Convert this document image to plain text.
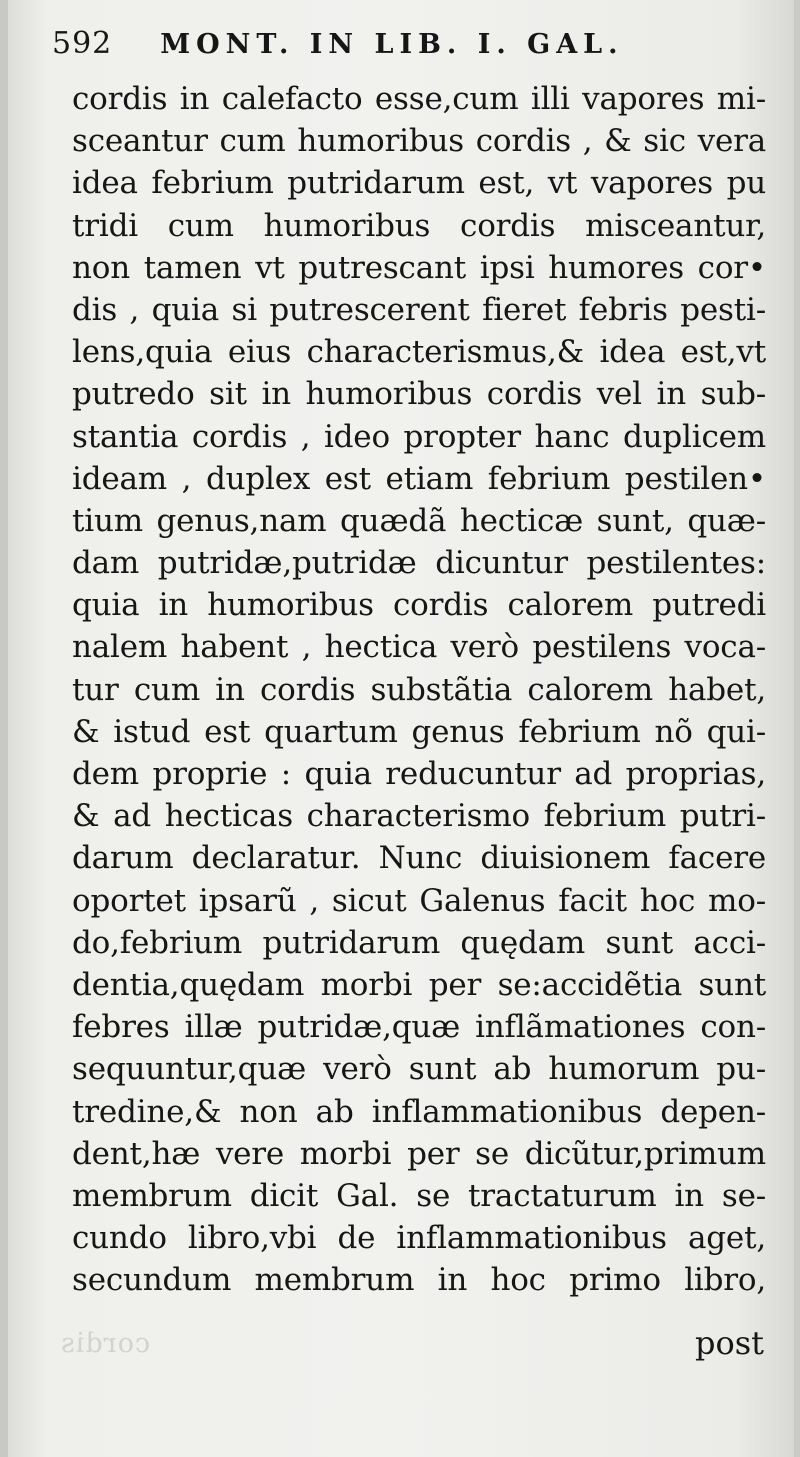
592 MONT. IN LIB. I. GAL.
cordis in calefacto esse,cum illi vapores mi-
sceantur cum humoribus cordis , & sic vera
idea febrium putridarum est, vt vapores pu
tridi cum humoribus cordis misceantur,
non tamen vt putrescant ipsi humores cor•
dis , quia si putrescerent fieret febris pesti-
lens,quia eius characterismus,& idea est,vt
putredo sit in humoribus cordis vel in sub-
stantia cordis , ideo propter hanc duplicem
ideam , duplex est etiam febrium pestilen•
tium genus,nam quædã hecticæ sunt, quæ-
dam putridæ,putridæ dicuntur pestilentes:
quia in humoribus cordis calorem putredi
nalem habent , hectica verò pestilens voca-
tur cum in cordis substãtia calorem habet,
& istud est quartum genus febrium nõ qui-
dem proprie : quia reducuntur ad proprias,
& ad hecticas characterismo febrium putri-
darum declaratur. Nunc diuisionem facere
oportet ipsarũ , sicut Galenus facit hoc mo-
do,febrium putridarum quędam sunt acci-
dentia,quędam morbi per se:accidẽtia sunt
febres illæ putridæ,quæ inflãmationes con-
sequuntur,quæ verò sunt ab humorum pu-
tredine,& non ab inflammationibus depen-
dent,hæ vere morbi per se dicũtur,primum
membrum dicit Gal. se tractaturum in se-
cundo libro,vbi de inflammationibus aget,
secundum membrum in hoc primo libro,
post
cordis
